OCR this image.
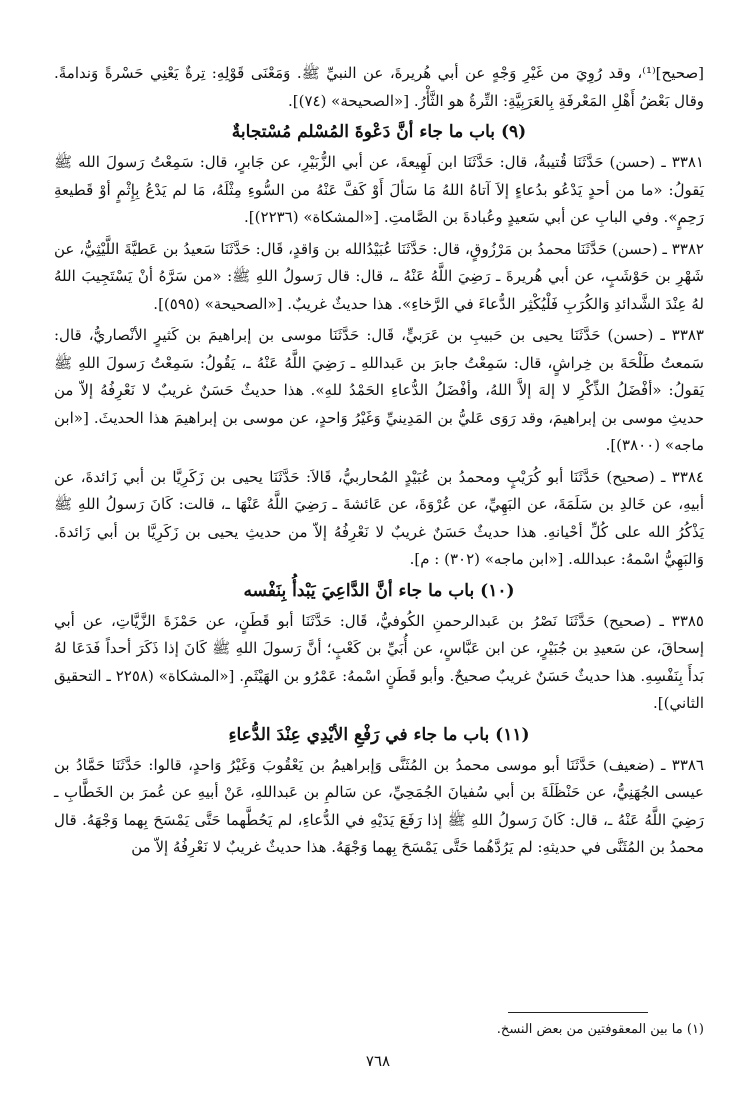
[صحيح]⁽¹⁾، وقد رُوِيَ من غَيْرِ وَجْهٍ عن أبي هُريرةَ، عن النبيِّ ﷺ. وَمَعْنَى قَوْلِهِ: تِرةٌ يَعْنِي حَسْرةً وَندامةً. وقال بَعْضُ أَهْلِ المَعْرفَةِ بِالعَرَبِيَّةِ: التِّرةُ هو الثَّأْرُ. [«الصحيحة» (٧٤)].

(٩) باب ما جاء أنَّ دَعْوةَ المُسْلم مُسْتجابةٌ

٣٣٨١ ـ (حسن) حَدَّثَنَا قُتيبةُ، قال: حَدَّثَنَا ابن لَهِيعةَ، عن أبي الزُّبَيْرِ، عن جَابرٍ، قال: سَمِعْتُ رَسولَ الله ﷺ يَقولُ: «ما من أحدٍ يَدْعُو بدُعاءٍ إلاَ آتاهُ اللهُ مَا سَألَ أَوْ كَفَّ عَنْهُ من السُّوءِ مِثْلَهُ، مَا لم يَدْعُ بِإِثْمٍ أوْ قَطيعةِ رَحِمٍ». وفي البابِ عن أبي سَعيدٍ وعُبادةَ بن الصَّامتِ. [«المشكاة» (٢٢٣٦)].

٣٣٨٢ ـ (حسن) حَدَّثَنَا محمدُ بن مَرْزُوقٍ، قال: حَدَّثَنَا عُبَيْدُالله بن وَاقدٍ، قَال: حَدَّثَنَا سَعيدُ بن عَطيَّةَ اللَّيْثِيُّ، عن شَهْرِ بن حَوْشَبٍ، عن أبي هُريرةَ ـ رَضِيَ اللَّهُ عَنْهُ ـ، قال: قال رَسولُ اللهِ ﷺ: «من سَرَّهُ أنْ يَسْتَجِيبَ اللهُ لهُ عِنْدَ الشَّدائدِ وَالكُرَبِ فَلْيُكْثِر الدُّعاءَ في الرَّخاءِ». هذا حديثٌ غريبٌ. [«الصحيحة» (٥٩٥)].

٣٣٨٣ ـ (حسن) حَدَّثَنَا يحيى بن حَبيبِ بن عَرَبيٍّ، قَال: حَدَّثَنَا موسى بن إبراهيمَ بن كَثيرٍ الأنْصاريُّ، قال: سَمعتُ طَلْحَةَ بن خِراشٍ، قال: سَمِعْتُ جابرَ بن عَبداللهِ ـ رَضِيَ اللَّهُ عَنْهُ ـ، يَقُولُ: سَمِعْتُ رَسولَ اللهِ ﷺ يَقولُ: «أفْضَلُ الذِّكْرِ لا إلهَ إلاَّ اللهُ، وأفْضَلُ الدُّعاءِ الحَمْدُ للهِ». هذا حديثٌ حَسَنٌ غريبٌ لا نَعْرِفُهُ إلاّ من حديثِ موسى بن إبراهيمَ، وقد رَوَى عَليُّ بن المَدِينيِّ وَغَيْرُ وَاحدٍ، عن موسى بن إبراهيمَ هذا الحديثَ. [«ابن ماجه» (٣٨٠٠)].

٣٣٨٤ ـ (صحيح) حَدَّثَنَا أبو كُرَيْبٍ ومحمدُ بن عُبَيْدٍ المُحاربيُّ، قَالاَ: حَدَّثَنَا يحيى بن زَكَرِيَّا بن أبي زَائدةَ، عن أبيهِ، عن خَالدِ بن سَلَمَةَ، عن البَهِيِّ، عن عُرْوَةَ، عن عَائشةَ ـ رَضِيَ اللَّهُ عَنْهَا ـ، قالت: كَانَ رَسولُ اللهِ ﷺ يَذْكُرُ الله على كُلِّ أحْيانهِ. هذا حديثٌ حَسَنٌ غريبٌ لا نَعْرِفُهُ إلاّ من حديثِ يحيى بن زَكَرِيَّا بن أبي زَائدةَ. وَالبَهِيُّ اسْمهُ: عبدالله. [«ابن ماجه» (٣٠٢) : م].

(١٠) باب ما جاء أنَّ الدَّاعِيَ يَبْدأُ بِنَفْسه

٣٣٨٥ ـ (صحيح) حَدَّثَنَا نَصْرُ بن عَبدالرحمنِ الكُوفيُّ، قَال: حَدَّثَنَا أبو قَطَنٍ، عن حَمْزَةَ الزَّيَّاتِ، عن أبي إسحاقَ، عن سَعيدِ بن جُبَيْرٍ، عن ابن عَبَّاسٍ، عن أُبَيِّ بن كَعْبٍ؛ أنَّ رَسولَ اللهِ ﷺ كَانَ إذا ذَكَرَ أحداً فَدَعَا لهُ بَدأَ بِنَفْسِهِ. هذا حديثٌ حَسَنٌ غريبٌ صحيحٌ. وأبو قَطَنٍ اسْمهُ: عَمْرُو بن الهَيْثَمِ. [«المشكاة» (٢٢٥٨ ـ التحقيق الثاني)].

(١١) باب ما جاء في رَفْعِ الأيْدِي عِنْدَ الدُّعاءِ

٣٣٨٦ ـ (ضعيف) حَدَّثَنَا أبو موسى محمدُ بن المُثَنَّى وَإبراهيمُ بن يَعْقُوبَ وَغَيْرُ وَاحدٍ، قالوا: حَدَّثَنَا حَمَّادُ بن عيسى الجُهَنِيُّ، عن حَنْظَلَةَ بن أبي سُفيانَ الجُمَحِيِّ، عن سَالمِ بن عَبداللهِ، عَنْ أبيهِ عن عُمرَ بن الخَطَّابِ ـ رَضِيَ اللَّهُ عَنْهُ ـ، قال: كَانَ رَسولُ اللهِ ﷺ إذا رَفَعَ يَدَيْهِ في الدُّعاءِ، لم يَحُطَّهما حَتَّى يَمْسَحَ بِهما وَجْهَهُ. قال محمدُ بن المُثَنَّى في حديثهِ: لم يَرُدَّهُما حَتَّى يَمْسَحَ بِهما وَجْهَهُ. هذا حديثٌ غريبٌ لا نَعْرِفُهُ إلاّ من

(١) ما بين المعقوفتين من بعض النسخ.
٧٦٨
